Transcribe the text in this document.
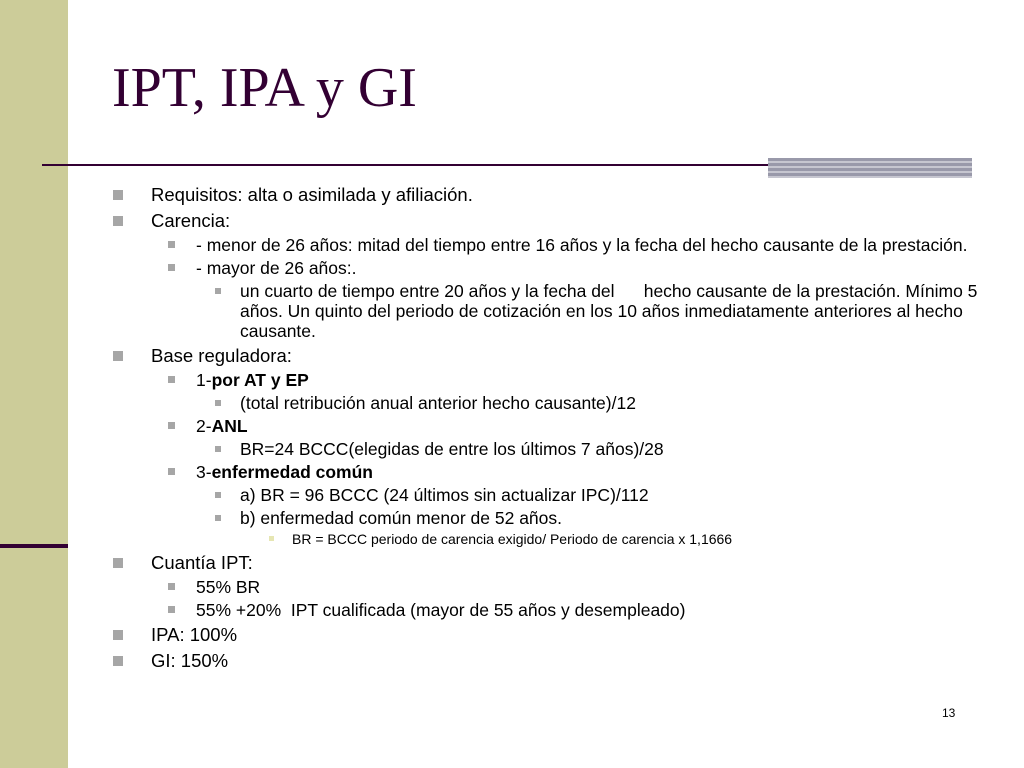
IPT, IPA y GI
Requisitos: alta o asimilada y afiliación.
Carencia:
- menor de 26 años: mitad del tiempo entre 16 años y la fecha del hecho causante de la prestación.
- mayor de 26 años:.
un cuarto de tiempo entre 20 años y la fecha del      hecho causante de la prestación. Mínimo 5 años. Un quinto del periodo de cotización en los 10 años inmediatamente anteriores al hecho causante.
Base reguladora:
1-por AT y EP
(total retribución anual anterior hecho causante)/12
2-ANL
BR=24 BCCC(elegidas de entre los últimos 7 años)/28
3-enfermedad común
a) BR = 96 BCCC (24 últimos sin actualizar IPC)/112
b) enfermedad común menor de 52 años.
BR = BCCC periodo de carencia exigido/ Periodo de carencia x 1,1666
Cuantía IPT:
55% BR
55% +20%  IPT cualificada (mayor de 55 años y desempleado)
IPA: 100%
GI: 150%
13
